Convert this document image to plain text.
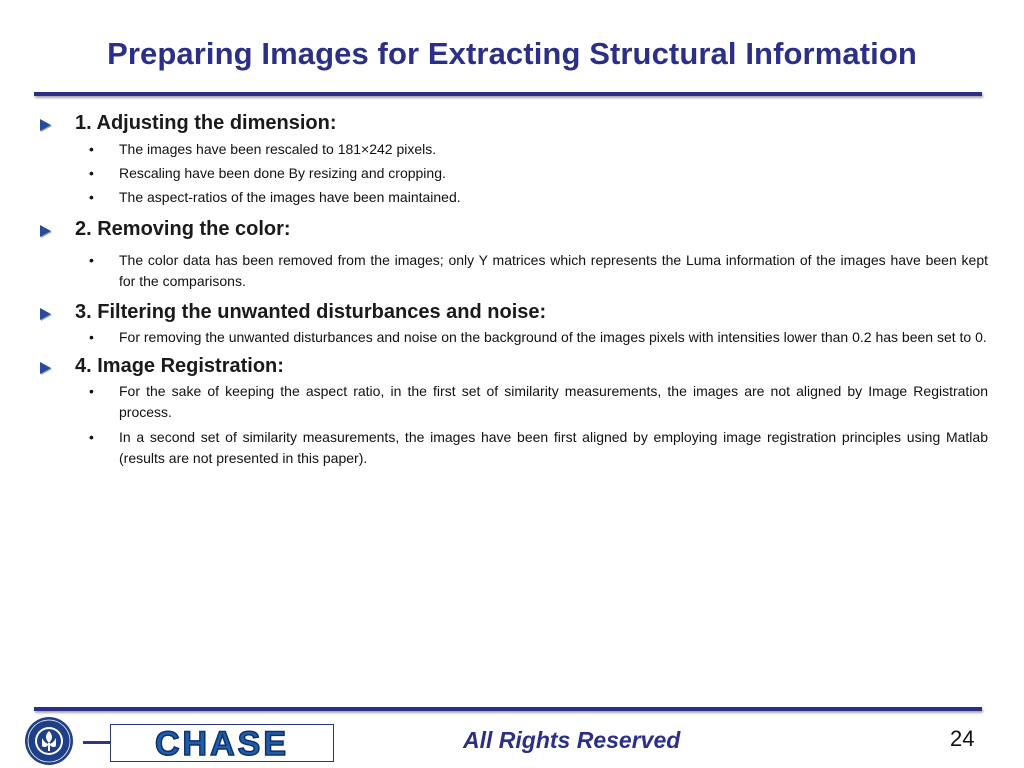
Preparing Images for Extracting Structural Information
1. Adjusting the dimension:
• The images have been rescaled to 181×242 pixels.
• Rescaling have been done By resizing and cropping.
• The aspect-ratios of the images have been maintained.
2. Removing the color:
• The color data has been removed from the images; only Y matrices which represents the Luma information of the images have been kept for the comparisons.
3. Filtering the unwanted disturbances and noise:
• For removing the unwanted disturbances and noise on the background of the images pixels with intensities lower than 0.2 has been set to 0.
4. Image Registration:
• For the sake of keeping the aspect ratio, in the first set of similarity measurements, the images are not aligned by Image Registration process.
• In a second set of similarity measurements, the images have been first aligned by employing image registration principles using Matlab (results are not presented in this paper).
CHASE	All Rights Reserved	24
